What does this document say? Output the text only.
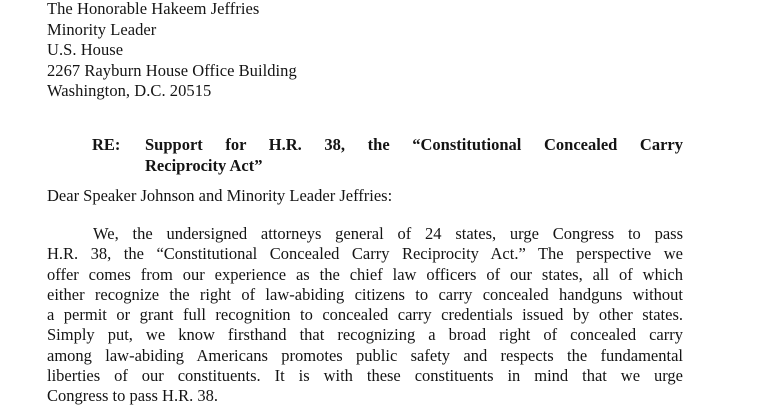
The Honorable Hakeem Jeffries
Minority Leader
U.S. House
2267 Rayburn House Office Building
Washington, D.C. 20515
RE: Support for H.R. 38, the “Constitutional Concealed Carry
Reciprocity Act”
Dear Speaker Johnson and Minority Leader Jeffries:
We, the undersigned attorneys general of 24 states, urge Congress to pass
H.R. 38, the “Constitutional Concealed Carry Reciprocity Act.” The perspective we
offer comes from our experience as the chief law officers of our states, all of which
either recognize the right of law-abiding citizens to carry concealed handguns without
a permit or grant full recognition to concealed carry credentials issued by other states.
Simply put, we know firsthand that recognizing a broad right of concealed carry
among law-abiding Americans promotes public safety and respects the fundamental
liberties of our constituents. It is with these constituents in mind that we urge
Congress to pass H.R. 38.
